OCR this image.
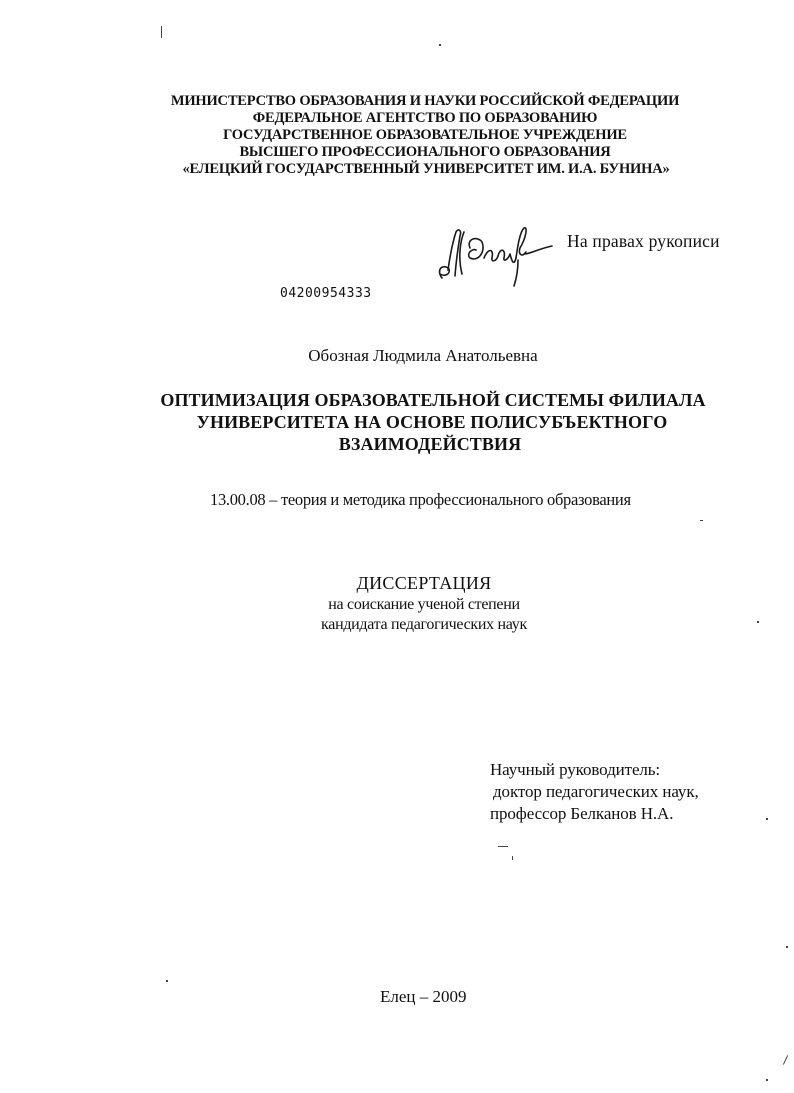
МИНИСТЕРСТВО ОБРАЗОВАНИЯ И НАУКИ РОССИЙСКОЙ ФЕДЕРАЦИИ
ФЕДЕРАЛЬНОЕ АГЕНТСТВО ПО ОБРАЗОВАНИЮ
ГОСУДАРСТВЕННОЕ ОБРАЗОВАТЕЛЬНОЕ УЧРЕЖДЕНИЕ
ВЫСШЕГО ПРОФЕССИОНАЛЬНОГО ОБРАЗОВАНИЯ
«ЕЛЕЦКИЙ ГОСУДАРСТВЕННЫЙ УНИВЕРСИТЕТ ИМ. И.А. БУНИНА»
На правах рукописи
04200954333
Обозная Людмила Анатольевна
ОПТИМИЗАЦИЯ ОБРАЗОВАТЕЛЬНОЙ СИСТЕМЫ ФИЛИАЛА
УНИВЕРСИТЕТА НА ОСНОВЕ ПОЛИСУБЪЕКТНОГО
ВЗАИМОДЕЙСТВИЯ
13.00.08 – теория и методика профессионального образования
ДИССЕРТАЦИЯ
на соискание ученой степени
кандидата педагогических наук
Научный руководитель:
доктор педагогических наук,
профессор Белканов Н.А.
Елец – 2009
